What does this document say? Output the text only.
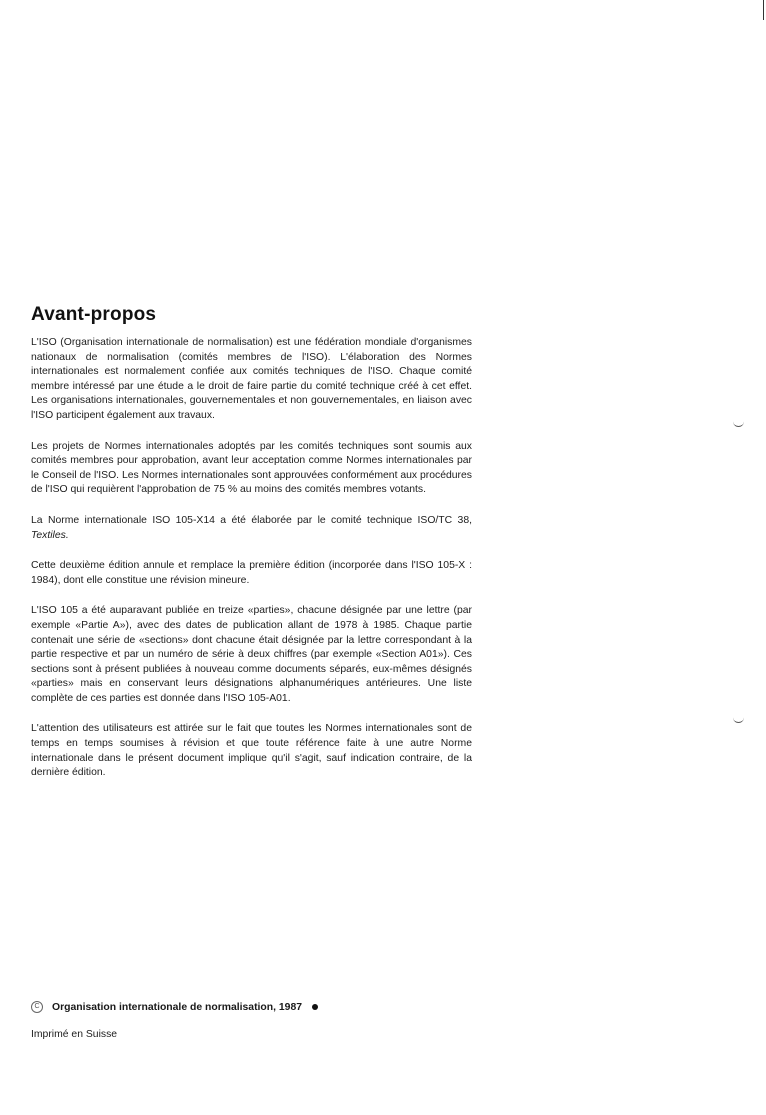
Avant-propos

L'ISO (Organisation internationale de normalisation) est une fédération mondiale d'organismes nationaux de normalisation (comités membres de l'ISO). L'élaboration des Normes internationales est normalement confiée aux comités techniques de l'ISO. Chaque comité membre intéressé par une étude a le droit de faire partie du comité technique créé à cet effet. Les organisations internationales, gouvernementales et non gouvernementales, en liaison avec l'ISO participent également aux travaux.

Les projets de Normes internationales adoptés par les comités techniques sont soumis aux comités membres pour approbation, avant leur acceptation comme Normes internationales par le Conseil de l'ISO. Les Normes internationales sont approuvées conformément aux procédures de l'ISO qui requièrent l'approbation de 75 % au moins des comités membres votants.

La Norme internationale ISO 105-X14 a été élaborée par le comité technique ISO/TC 38, Textiles.

Cette deuxième édition annule et remplace la première édition (incorporée dans l'ISO 105-X : 1984), dont elle constitue une révision mineure.

L'ISO 105 a été auparavant publiée en treize «parties», chacune désignée par une lettre (par exemple «Partie A»), avec des dates de publication allant de 1978 à 1985. Chaque partie contenait une série de «sections» dont chacune était désignée par la lettre correspondant à la partie respective et par un numéro de série à deux chiffres (par exemple «Section A01»). Ces sections sont à présent publiées à nouveau comme documents séparés, eux-mêmes désignés «parties» mais en conservant leurs désignations alphanumériques antérieures. Une liste complète de ces parties est donnée dans l'ISO 105-A01.

L'attention des utilisateurs est attirée sur le fait que toutes les Normes internationales sont de temps en temps soumises à révision et que toute référence faite à une autre Norme internationale dans le présent document implique qu'il s'agit, sauf indication contraire, de la dernière édition.

C	Organisation internationale de normalisation, 1987
Imprimé en Suisse
